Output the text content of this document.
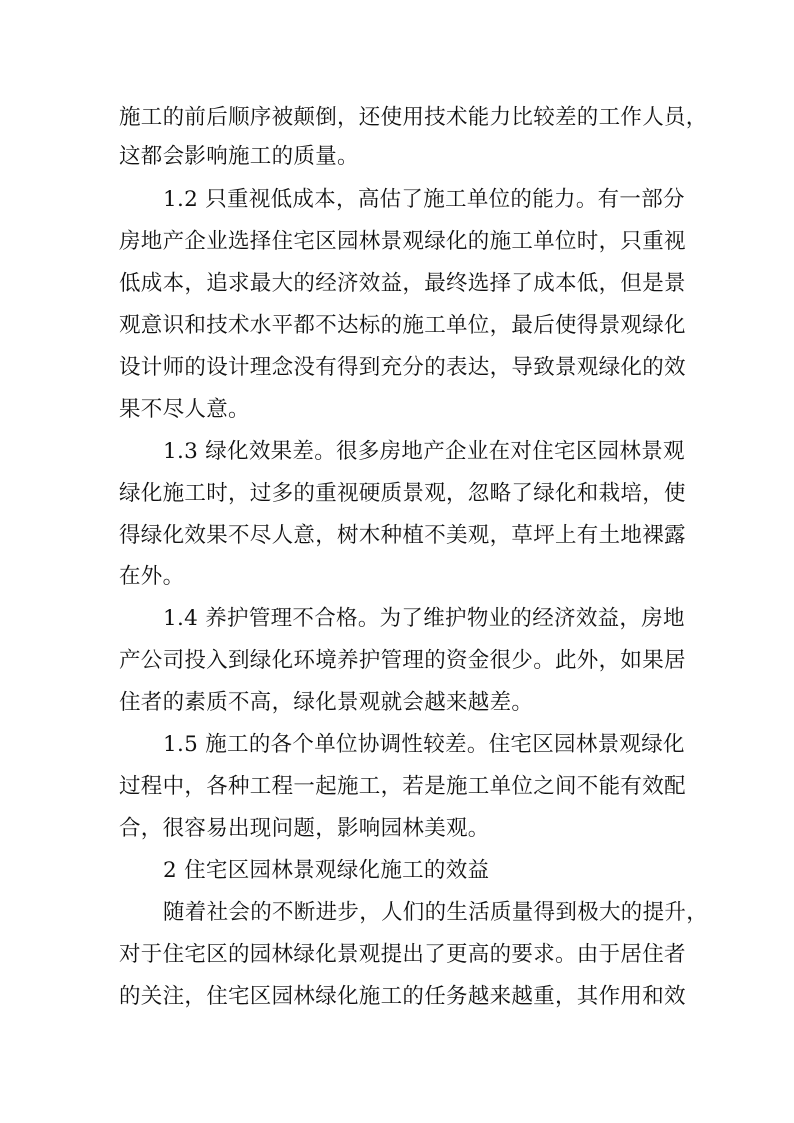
施工的前后顺序被颠倒，还使用技术能力比较差的工作人员，
这都会影响施工的质量。
1.2 只重视低成本，高估了施工单位的能力。有一部分
房地产企业选择住宅区园林景观绿化的施工单位时，只重视
低成本，追求最大的经济效益，最终选择了成本低，但是景
观意识和技术水平都不达标的施工单位，最后使得景观绿化
设计师的设计理念没有得到充分的表达，导致景观绿化的效
果不尽人意。
1.3 绿化效果差。很多房地产企业在对住宅区园林景观
绿化施工时，过多的重视硬质景观，忽略了绿化和栽培，使
得绿化效果不尽人意，树木种植不美观，草坪上有土地裸露
在外。
1.4 养护管理不合格。为了维护物业的经济效益，房地
产公司投入到绿化环境养护管理的资金很少。此外，如果居
住者的素质不高，绿化景观就会越来越差。
1.5 施工的各个单位协调性较差。住宅区园林景观绿化
过程中，各种工程一起施工，若是施工单位之间不能有效配
合，很容易出现问题，影响园林美观。
2 住宅区园林景观绿化施工的效益
随着社会的不断进步，人们的生活质量得到极大的提升，
对于住宅区的园林绿化景观提出了更高的要求。由于居住者
的关注，住宅区园林绿化施工的任务越来越重，其作用和效
